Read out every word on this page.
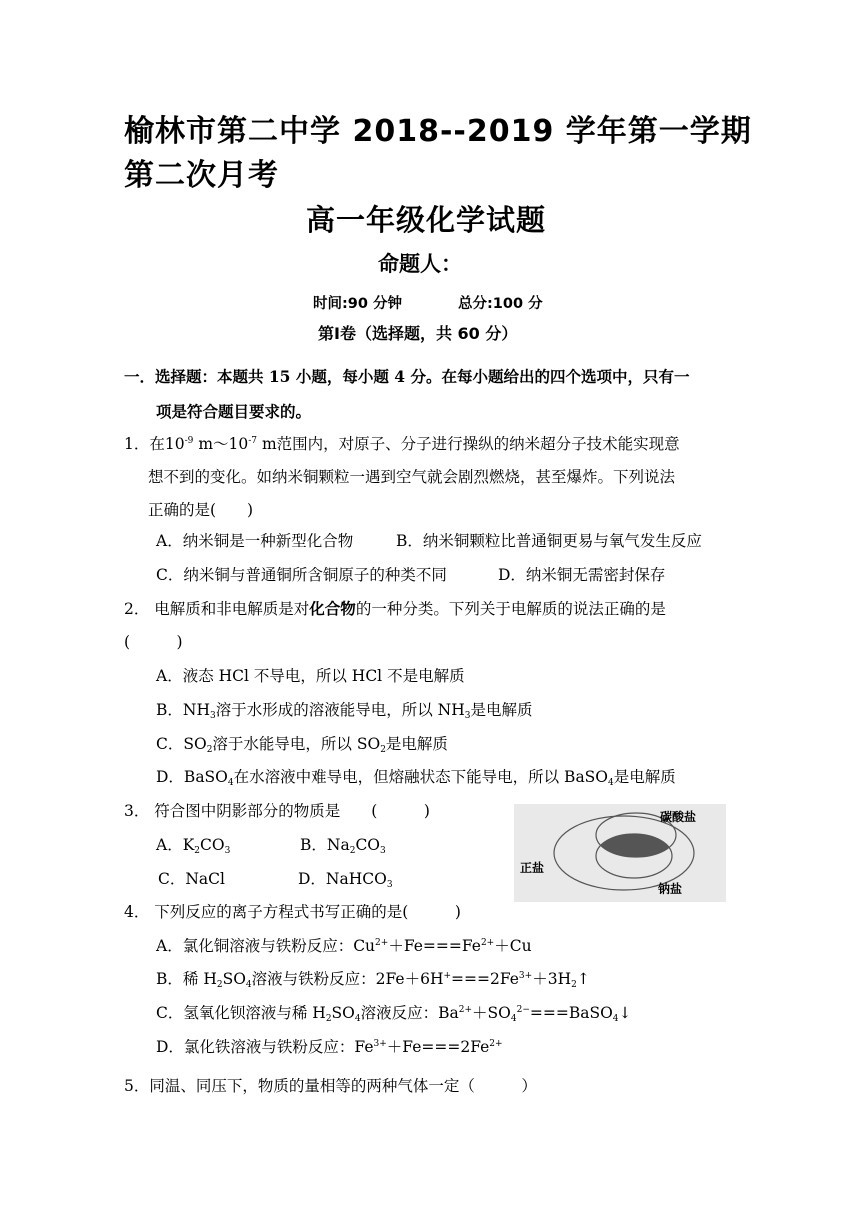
榆林市第二中学 2018--2019 学年第一学期
第二次月考
高一年级化学试题
命题人：
时间:90 分钟	总分:100 分
第Ⅰ卷（选择题，共 60 分）
一．选择题：本题共 15 小题，每小题 4 分。在每小题给出的四个选项中，只有一
项是符合题目要求的。
1．在$10^{-9}$ $m\sim 10^{-7}$ m范围内，对原子、分子进行操纵的纳米超分子技术能实现意
想不到的变化。如纳米铜颗粒一遇到空气就会剧烈燃烧，甚至爆炸。下列说法
正确的是(　　)
A．纳米铜是一种新型化合物	B．纳米铜颗粒比普通铜更易与氧气发生反应
C．纳米铜与普通铜所含铜原子的种类不同	D．纳米铜无需密封保存
2． 电解质和非电解质是对化合物的一种分类。下列关于电解质的说法正确的是
(　　　)
A．液态 HCl 不导电，所以 HCl 不是电解质
B．$NH_3$溶于水形成的溶液能导电，所以 $NH_3$是电解质
C．$SO_2$溶于水能导电，所以 $SO_2$是电解质
D．BaSO$_4$在水溶液中难导电，但熔融状态下能导电，所以 BaSO$_4$是电解质
3． 符合图中阴影部分的物质是　　(　　　)
A．$K_2CO_3$	B．$Na_2CO_3$
C．NaCl	D．NaHCO$_3$
碳酸盐
正盐
钠盐
4． 下列反应的离子方程式书写正确的是(　　　)
A．氯化铜溶液与铁粉反应：$Cu^{2+}+Fe===Fe^{2+}+Cu$
B．稀 $H_2SO_4$溶液与铁粉反应：$2Fe+6H^+===2Fe^{3+}+3H_2↑$
C．氢氧化钡溶液与稀 $H_2SO_4$溶液反应：$Ba^{2+}+SO_4^{2-}===BaSO_4↓$
D．氯化铁溶液与铁粉反应：$Fe^{3+}+Fe===2Fe^{2+}$
5．同温、同压下，物质的量相等的两种气体一定（　　　）
